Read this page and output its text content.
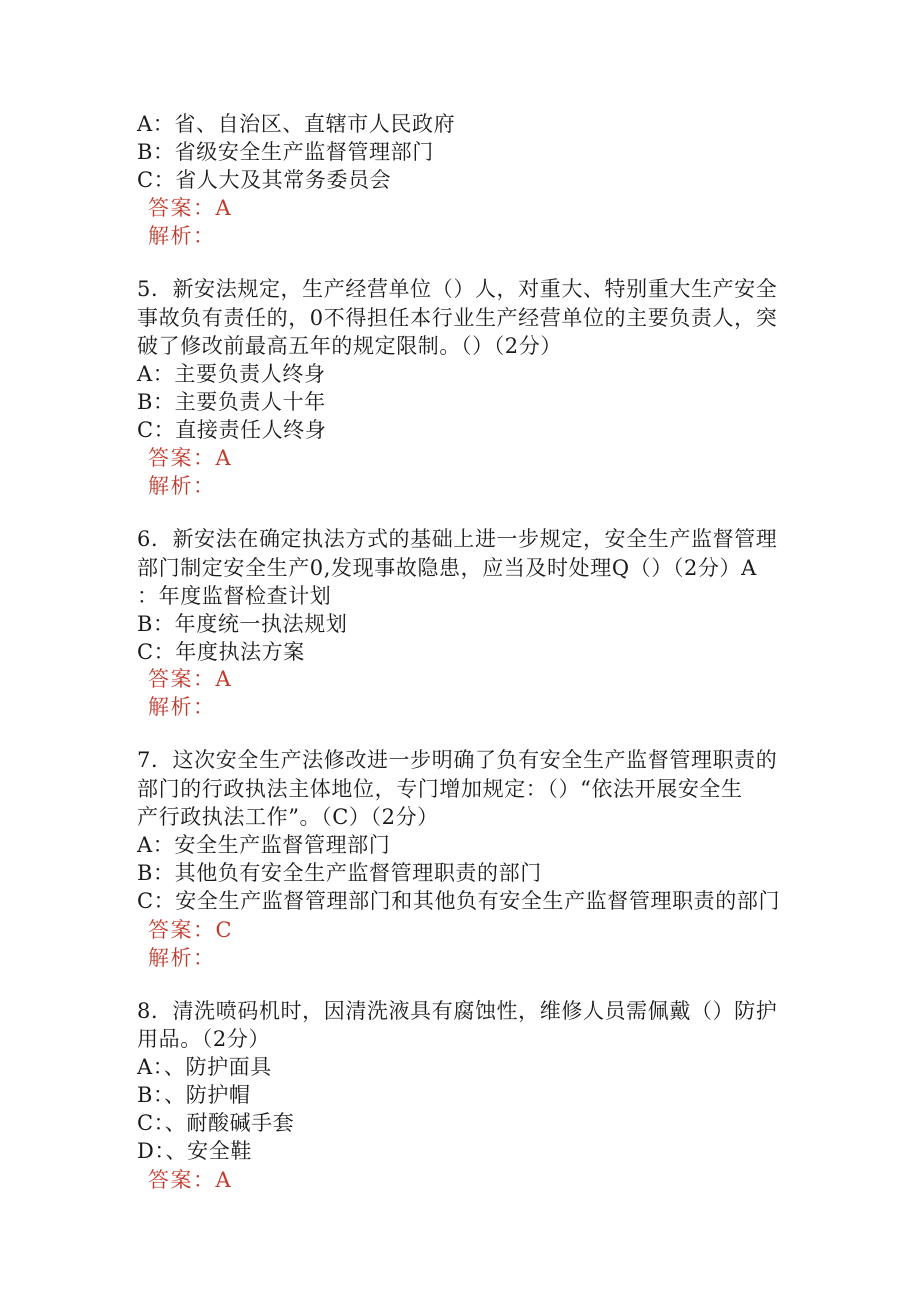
A：省、自治区、直辖市人民政府
B：省级安全生产监督管理部门
C：省人大及其常务委员会
答案：A
解析：
5．新安法规定，生产经营单位（）人，对重大、特别重大生产安全
事故负有责任的，0不得担任本行业生产经营单位的主要负责人，突
破了修改前最高五年的规定限制。（）（2分）
A：主要负责人终身
B：主要负责人十年
C：直接责任人终身
答案：A
解析：
6．新安法在确定执法方式的基础上进一步规定，安全生产监督管理
部门制定安全生产0,发现事故隐患，应当及时处理Q（）（2分）A
：年度监督检查计划
B：年度统一执法规划
C：年度执法方案
答案：A
解析：
7．这次安全生产法修改进一步明确了负有安全生产监督管理职责的
部门的行政执法主体地位，专门增加规定：（）“依法开展安全生
产行政执法工作”。（C）（2分）
A：安全生产监督管理部门
B：其他负有安全生产监督管理职责的部门
C：安全生产监督管理部门和其他负有安全生产监督管理职责的部门
答案：C
解析：
8．清洗喷码机时，因清洗液具有腐蚀性，维修人员需佩戴（）防护
用品。（2分）
A：、防护面具
B：、防护帽
C：、耐酸碱手套
D：、安全鞋
答案：A
